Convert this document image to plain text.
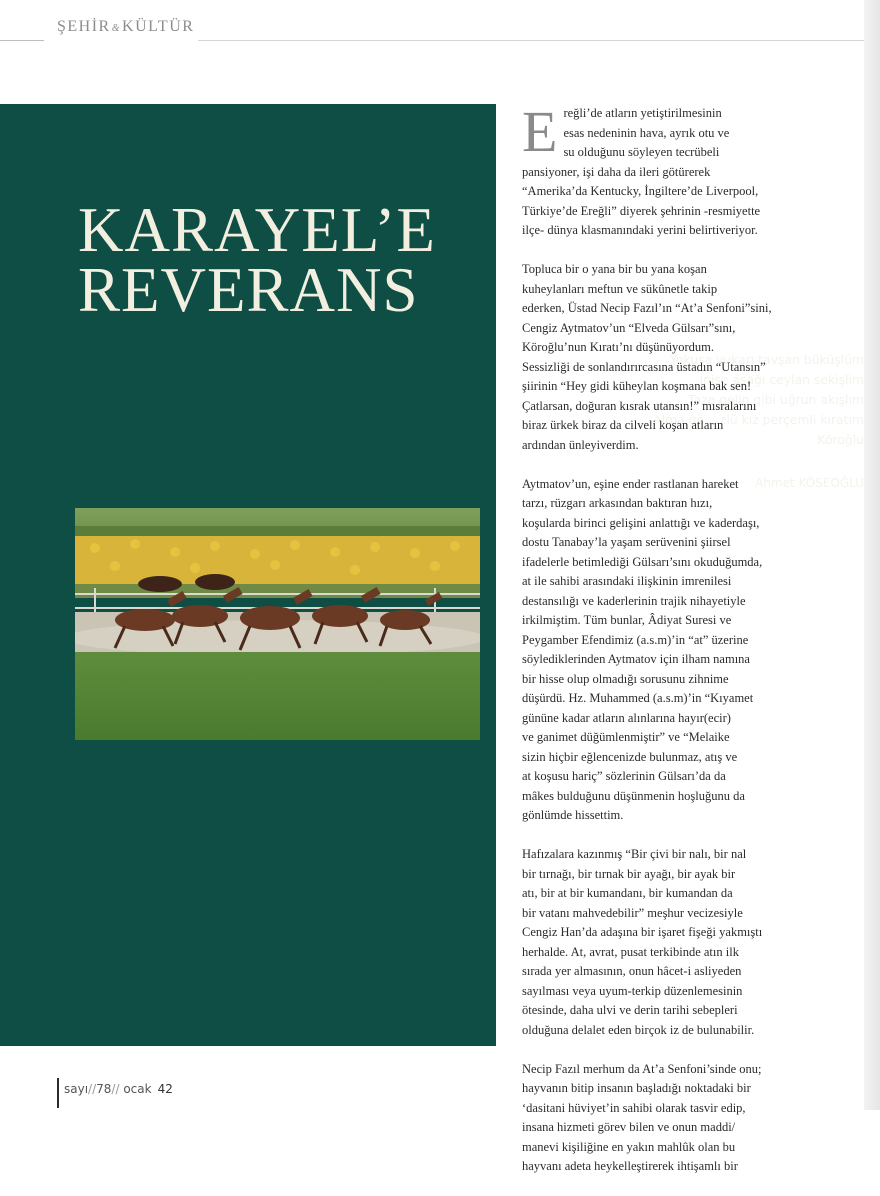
ŞEHİR&KÜLTÜR
KARAYEL’E
REVERANS
Yokuşa yukarı tavşan büküşlüm
İnişe aşağı ceylan sekişlim
Taze gelin gibi uğrun akışlım
Alma gö    zlü kız perçemli kıratım
Köroğlu
Ahmet KÖSEOĞLU

Ereğli’de atların yetiştirilmesinin
esas nedeninin hava, ayrık otu ve
su olduğunu söyleyen tecrübeli
pansiyoner, işi daha da ileri götürerek
“Amerika’da Kentucky, İngiltere’de Liverpool,
Türkiye’de Ereğli” diyerek şehrinin -resmiyette
ilçe- dünya klasmanındaki yerini belirtiveriyor.

Topluca bir o yana bir bu yana koşan
kuheylanları meftun ve sükûnetle takip
ederken, Üstad Necip Fazıl’ın “At’a Senfoni”sini,
Cengiz Aytmatov’un “Elveda Gülsarı”sını,
Köroğlu’nun Kıratı’nı düşünüyordum.
Sessizliği de sonlandırırcasına üstadın “Utansın”
şiirinin “Hey gidi küheylan koşmana bak sen!
Çatlarsan, doğuran kısrak utansın!” mısralarını
biraz ürkek biraz da cilveli koşan atların
ardından ünleyiverdim.

Aytmatov’un, eşine ender rastlanan hareket
tarzı, rüzgarı arkasından baktıran hızı,
koşularda birinci gelişini anlattığı ve kaderdaşı,
dostu Tanabay’la yaşam serüvenini şiirsel
ifadelerle betimlediği Gülsarı’sını okuduğumda,
at ile sahibi arasındaki ilişkinin imrenilesi
destansılığı ve kaderlerinin trajik nihayetiyle
irkilmiştim. Tüm bunlar, Âdiyat Suresi ve
Peygamber Efendimiz (a.s.m)’in “at” üzerine
söylediklerinden Aytmatov için ilham namına
bir hisse olup olmadığı sorusunu zihnime
düşürdü. Hz. Muhammed (a.s.m)’in “Kıyamet
gününe kadar atların alınlarına hayır(ecir)
ve ganimet düğümlenmiştir” ve “Melaike
sizin hiçbir eğlencenizde bulunmaz, atış ve
at koşusu hariç” sözlerinin Gülsarı’da da
mâkes bulduğunu düşünmenin hoşluğunu da
gönlümde hissettim.

Hafızalara kazınmış “Bir çivi bir nalı, bir nal
bir tırnağı, bir tırnak bir ayağı, bir ayak bir
atı, bir at bir kumandanı, bir kumandan da
bir vatanı mahvedebilir” meşhur vecizesiyle
Cengiz Han’da adaşına bir işaret fişeği yakmıştı
herhalde. At, avrat, pusat terkibinde atın ilk
sırada yer almasının, onun hâcet-i asliyeden
sayılması veya uyum-terkip düzenlemesinin
ötesinde, daha ulvi ve derin tarihi sebepleri
olduğuna delalet eden birçok iz de bulunabilir.

Necip Fazıl merhum da At’a Senfoni’sinde onu;
hayvanın bitip insanın başladığı noktadaki bir
‘dasitani hüviyet’in sahibi olarak tasvir edip,
insana hizmeti görev bilen ve onun maddi/
manevi kişiliğine en yakın mahlûk olan bu
hayvanı adeta heykelleştirerek ihtişamlı bir

sayı//78// ocak 42
